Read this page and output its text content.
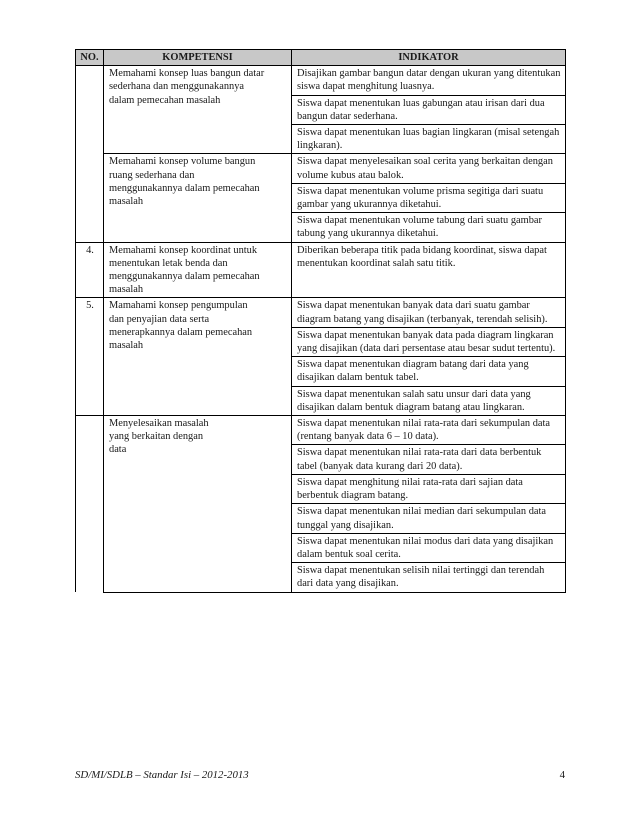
NO.	KOMPETENSI	INDIKATOR
	Memahami konsep luas bangun datar
sederhana dan menggunakannya
dalam pemecahan masalah	Disajikan gambar bangun datar dengan ukuran yang ditentukan siswa dapat menghitung luasnya.
		Siswa dapat menentukan luas gabungan atau irisan dari dua bangun datar sederhana.
		Siswa dapat menentukan luas bagian lingkaran (misal setengah lingkaran).
	Memahami konsep volume bangun
ruang sederhana dan
menggunakannya dalam pemecahan
masalah	Siswa dapat menyelesaikan soal cerita yang berkaitan dengan volume kubus atau balok.
		Siswa dapat menentukan volume prisma segitiga dari suatu gambar yang ukurannya diketahui.
		Siswa dapat menentukan volume tabung dari suatu gambar tabung yang ukurannya diketahui.
4.	Memahami konsep koordinat untuk
menentukan letak benda dan
menggunakannya dalam pemecahan
masalah	Diberikan beberapa titik pada bidang koordinat, siswa dapat menentukan koordinat salah satu titik.
5.	Mamahami konsep pengumpulan
dan penyajian data serta
menerapkannya dalam pemecahan
masalah	Siswa dapat menentukan banyak data dari suatu gambar diagram batang yang disajikan (terbanyak, terendah selisih).
		Siswa dapat menentukan banyak data pada diagram lingkaran yang disajikan (data dari persentase atau besar sudut tertentu).
		Siswa dapat menentukan diagram batang dari data yang disajikan dalam bentuk tabel.
		Siswa dapat menentukan salah satu unsur dari data yang disajikan dalam bentuk diagram batang atau lingkaran.
	Menyelesaikan masalah
yang berkaitan dengan
data	Siswa dapat menentukan nilai rata-rata dari sekumpulan data (rentang banyak data 6 – 10 data).
		Siswa dapat menentukan nilai rata-rata dari data berbentuk tabel (banyak data kurang dari 20 data).
		Siswa dapat menghitung nilai rata-rata dari sajian data berbentuk diagram batang.
		Siswa dapat menentukan nilai median dari sekumpulan data tunggal yang disajikan.
		Siswa dapat menentukan nilai modus dari data yang disajikan dalam bentuk soal cerita.
		Siswa dapat menentukan selisih nilai tertinggi dan terendah dari data yang disajikan.
SD/MI/SDLB – Standar Isi – 2012-2013	4
